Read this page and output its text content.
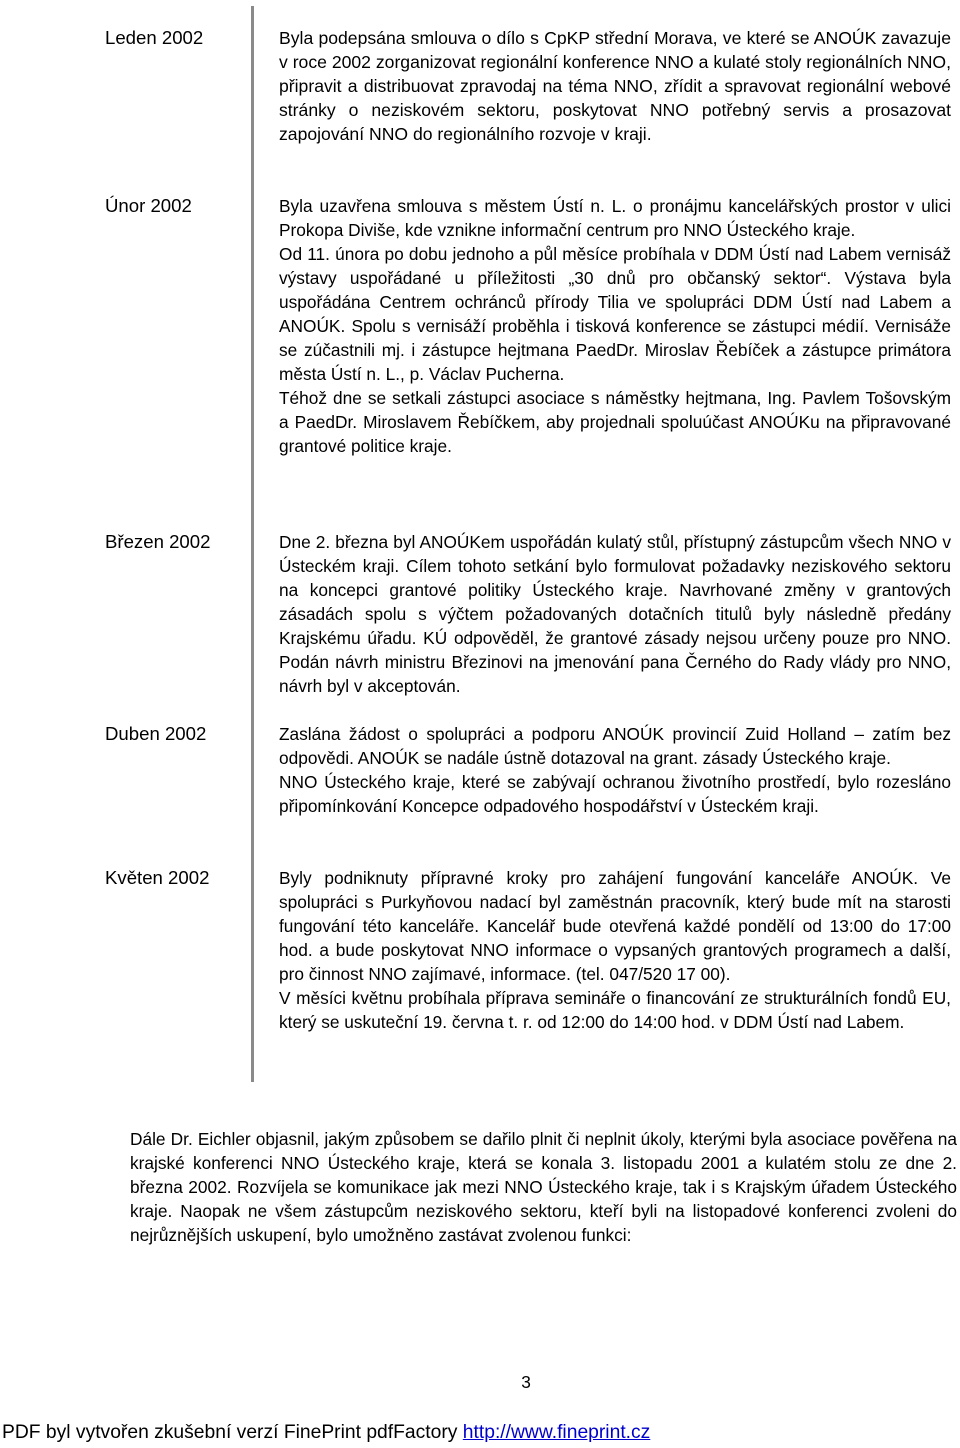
Leden 2002	Byla podepsána smlouva o dílo s CpKP střední Morava, ve které se ANOÚK zavazuje v roce 2002 zorganizovat regionální konference NNO a kulaté stoly regionálních NNO, připravit a distribuovat zpravodaj na téma NNO, zřídit a spravovat regionální webové stránky o neziskovém sektoru, poskytovat NNO potřebný servis a prosazovat zapojování NNO do regionálního rozvoje v kraji.

Únor 2002	Byla uzavřena smlouva s městem Ústí n. L. o pronájmu kancelářských prostor v ulici Prokopa Diviše, kde vznikne informační centrum pro NNO Ústeckého kraje.

Od 11. února po dobu jednoho a půl měsíce probíhala v DDM Ústí nad Labem vernisáž výstavy uspořádané u příležitosti „30 dnů pro občanský sektor“. Výstava byla uspořádána Centrem ochránců přírody Tilia ve spolupráci DDM Ústí nad Labem a ANOÚK. Spolu s vernisáží proběhla i tisková konference se zástupci médií. Vernisáže se zúčastnili mj. i zástupce hejtmana PaedDr. Miroslav Řebíček a zástupce primátora města Ústí n. L., p. Václav Pucherna.

Téhož dne se setkali zástupci asociace s náměstky hejtmana, Ing. Pavlem Tošovským a PaedDr. Miroslavem Řebíčkem, aby projednali spoluúčast ANOÚKu na připravované grantové politice kraje.

Březen 2002	Dne 2. března byl ANOÚKem uspořádán kulatý stůl, přístupný zástupcům všech NNO v Ústeckém kraji. Cílem tohoto setkání bylo formulovat požadavky neziskového sektoru na koncepci grantové politiky Ústeckého kraje. Navrhované změny v grantových zásadách spolu s výčtem požadovaných dotačních titulů byly následně předány Krajskému úřadu. KÚ odpověděl, že grantové zásady nejsou určeny pouze pro NNO. Podán návrh ministru Březinovi na jmenování pana Černého do Rady vlády pro NNO, návrh byl v akceptován.

Duben 2002	Zaslána žádost o spolupráci a podporu ANOÚK provincií Zuid Holland – zatím bez odpovědi. ANOÚK se nadále ústně dotazoval na grant. zásady Ústeckého kraje.

NNO Ústeckého kraje, které se zabývají ochranou životního prostředí, bylo rozesláno připomínkování Koncepce odpadového hospodářství v Ústeckém kraji.

Květen 2002	Byly podniknuty přípravné kroky pro zahájení fungování kanceláře ANOÚK. Ve spolupráci s Purkyňovou nadací byl zaměstnán pracovník, který bude mít na starosti fungování této kanceláře. Kancelář bude otevřená každé pondělí od 13:00 do 17:00 hod. a bude poskytovat NNO informace o vypsaných grantových programech a další, pro činnost NNO zajímavé, informace. (tel. 047/520 17 00).

V měsíci květnu probíhala příprava semináře o financování ze strukturálních fondů EU, který se uskuteční 19. června t. r. od 12:00 do 14:00 hod. v DDM Ústí nad Labem.

Dále Dr. Eichler objasnil, jakým způsobem se dařilo plnit či neplnit úkoly, kterými byla asociace pověřena na krajské konferenci NNO Ústeckého kraje, která se konala 3. listopadu 2001 a kulatém stolu ze dne 2. března 2002. Rozvíjela se komunikace jak mezi NNO Ústeckého kraje, tak i s Krajským úřadem Ústeckého kraje. Naopak ne všem zástupcům neziskového sektoru, kteří byli na listopadové konferenci zvoleni do nejrůznějších uskupení, bylo umožněno zastávat zvolenou funkci:

3
PDF byl vytvořen zkušební verzí FinePrint pdfFactory http://www.fineprint.cz
